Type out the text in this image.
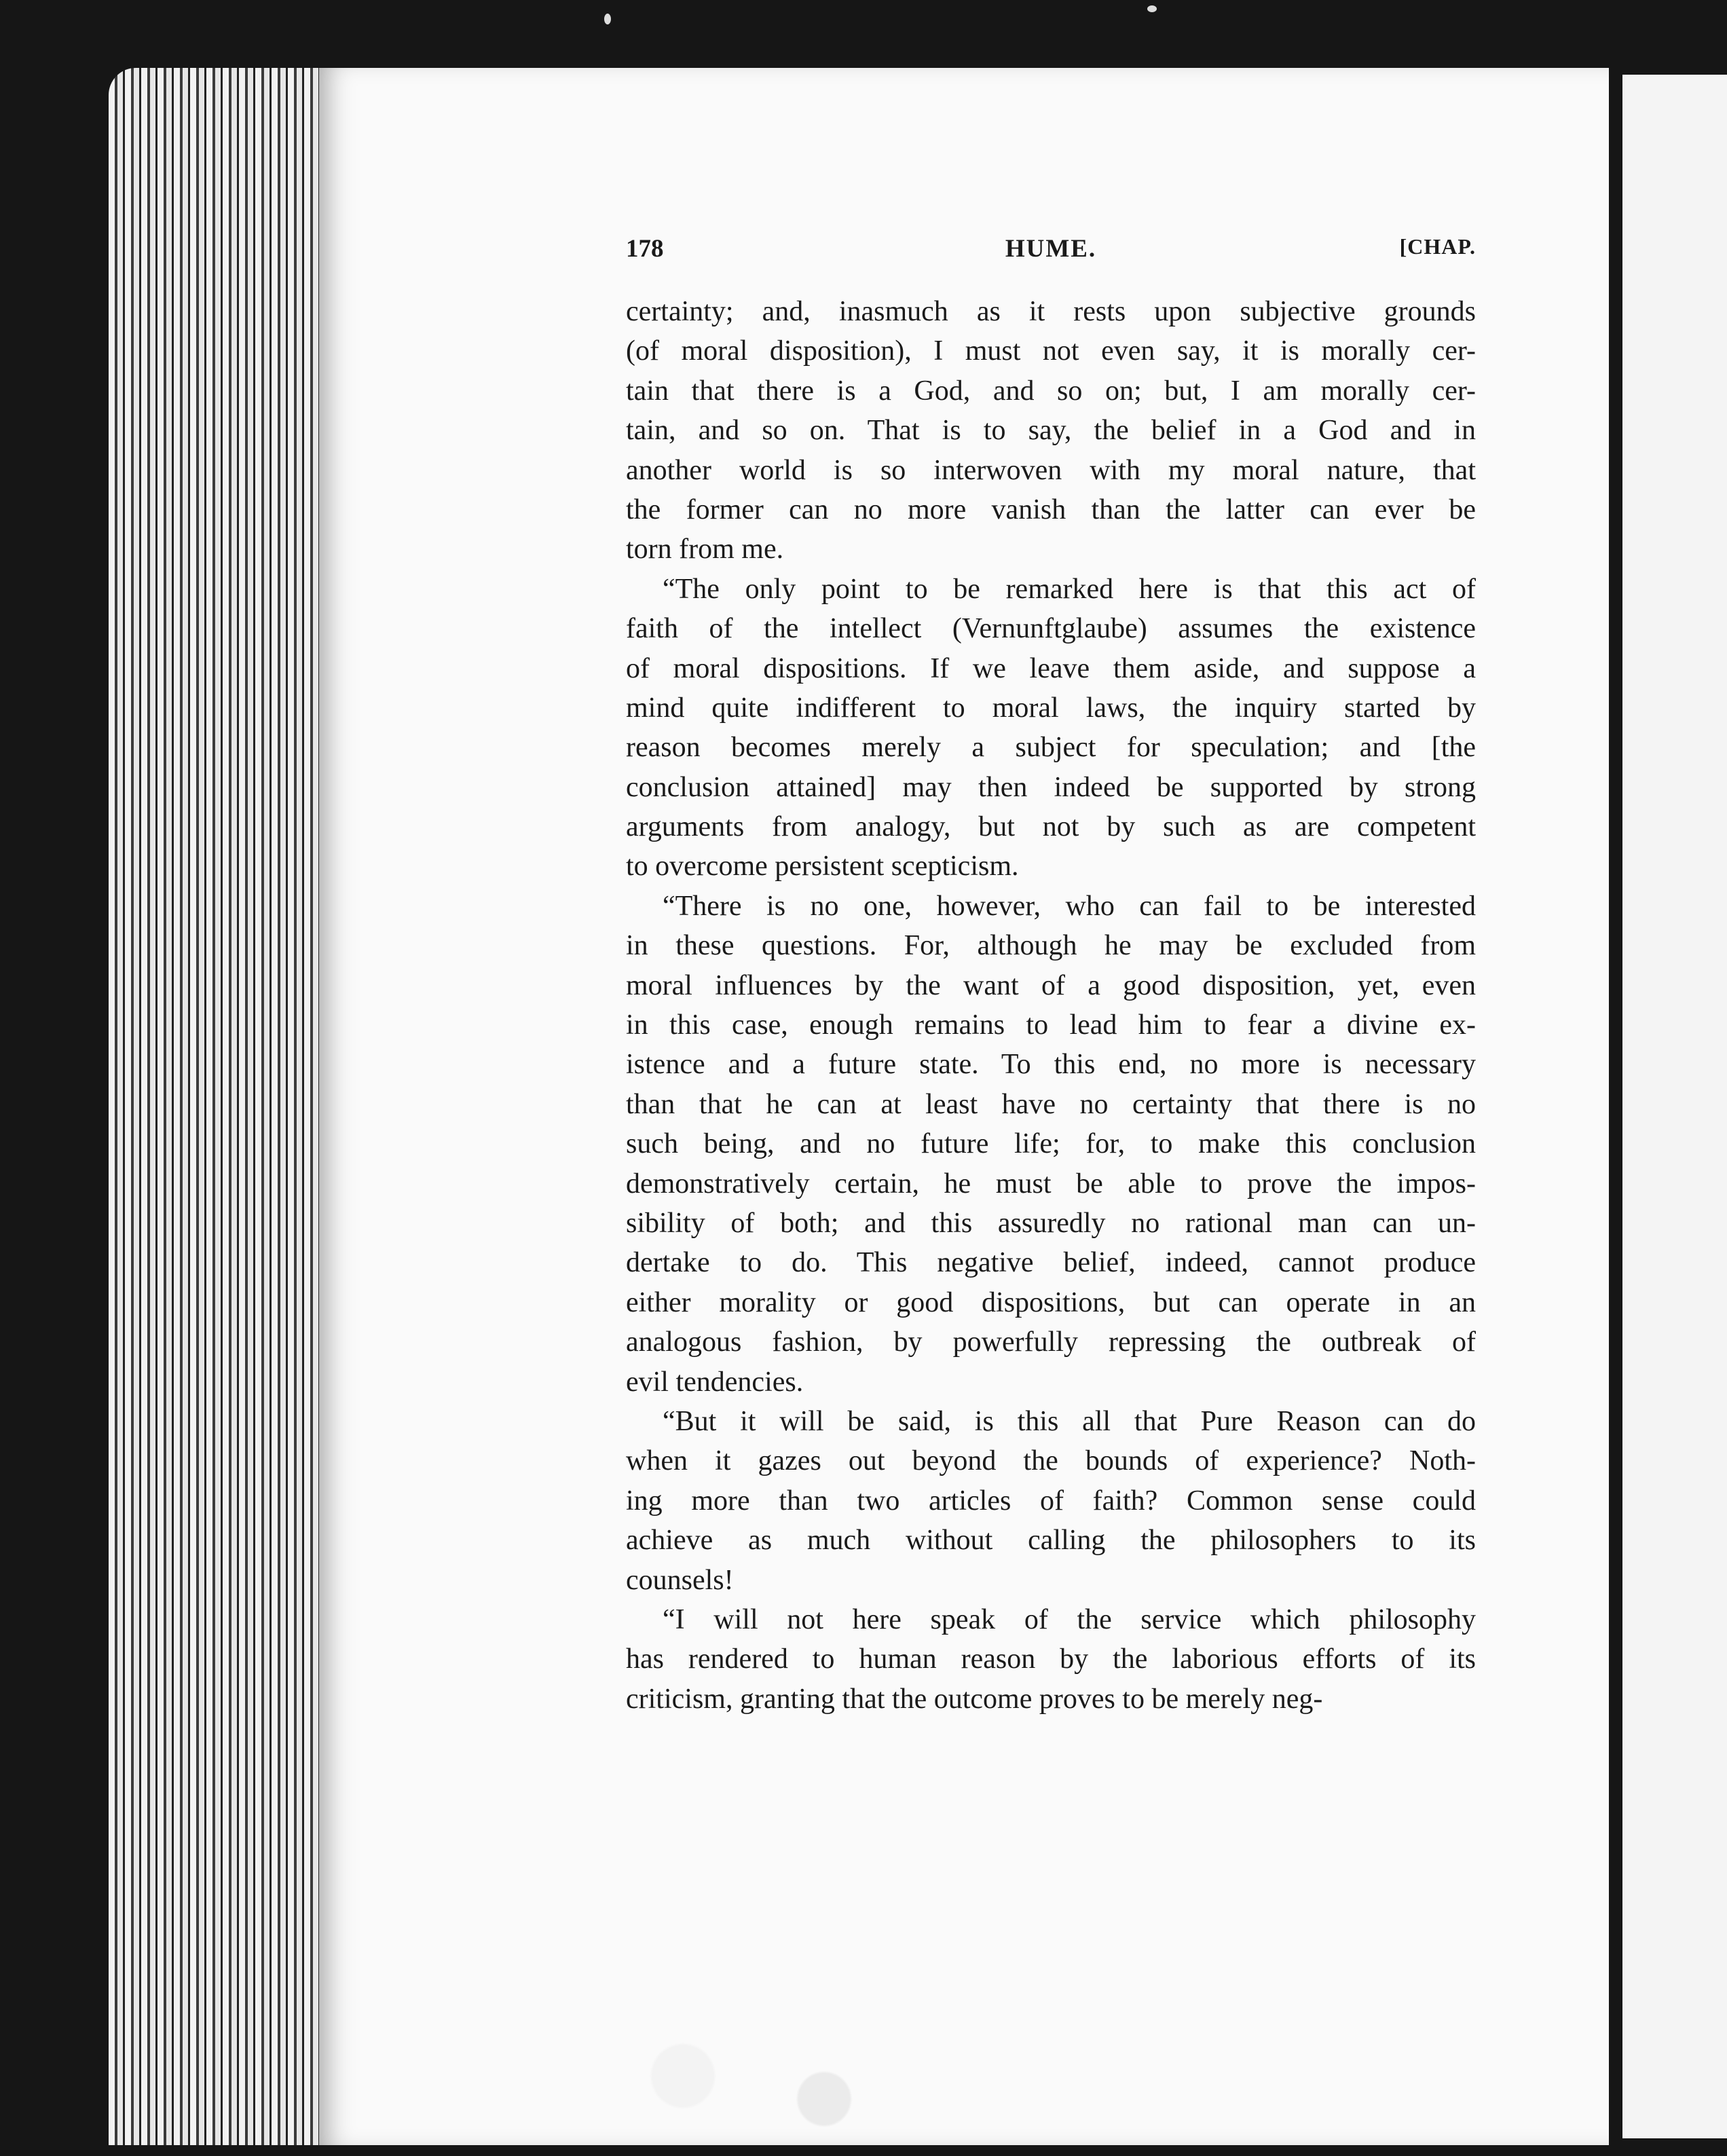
178	HUME.	[CHAP.
certainty; and, inasmuch as it rests upon subjective grounds
(of moral disposition), I must not even say, it is morally cer-
tain that there is a God, and so on; but, I am morally cer-
tain, and so on. That is to say, the belief in a God and in
another world is so interwoven with my moral nature, that
the former can no more vanish than the latter can ever be
torn from me.
“The only point to be remarked here is that this act of
faith of the intellect (Vernunftglaube) assumes the existence
of moral dispositions. If we leave them aside, and suppose a
mind quite indifferent to moral laws, the inquiry started by
reason becomes merely a subject for speculation; and [the
conclusion attained] may then indeed be supported by strong
arguments from analogy, but not by such as are competent
to overcome persistent scepticism.
“There is no one, however, who can fail to be interested
in these questions. For, although he may be excluded from
moral influences by the want of a good disposition, yet, even
in this case, enough remains to lead him to fear a divine ex-
istence and a future state. To this end, no more is necessary
than that he can at least have no certainty that there is no
such being, and no future life; for, to make this conclusion
demonstratively certain, he must be able to prove the impos-
sibility of both; and this assuredly no rational man can un-
dertake to do. This negative belief, indeed, cannot produce
either morality or good dispositions, but can operate in an
analogous fashion, by powerfully repressing the outbreak of
evil tendencies.
“But it will be said, is this all that Pure Reason can do
when it gazes out beyond the bounds of experience? Noth-
ing more than two articles of faith? Common sense could
achieve as much without calling the philosophers to its
counsels!
“I will not here speak of the service which philosophy
has rendered to human reason by the laborious efforts of its
criticism, granting that the outcome proves to be merely neg-
